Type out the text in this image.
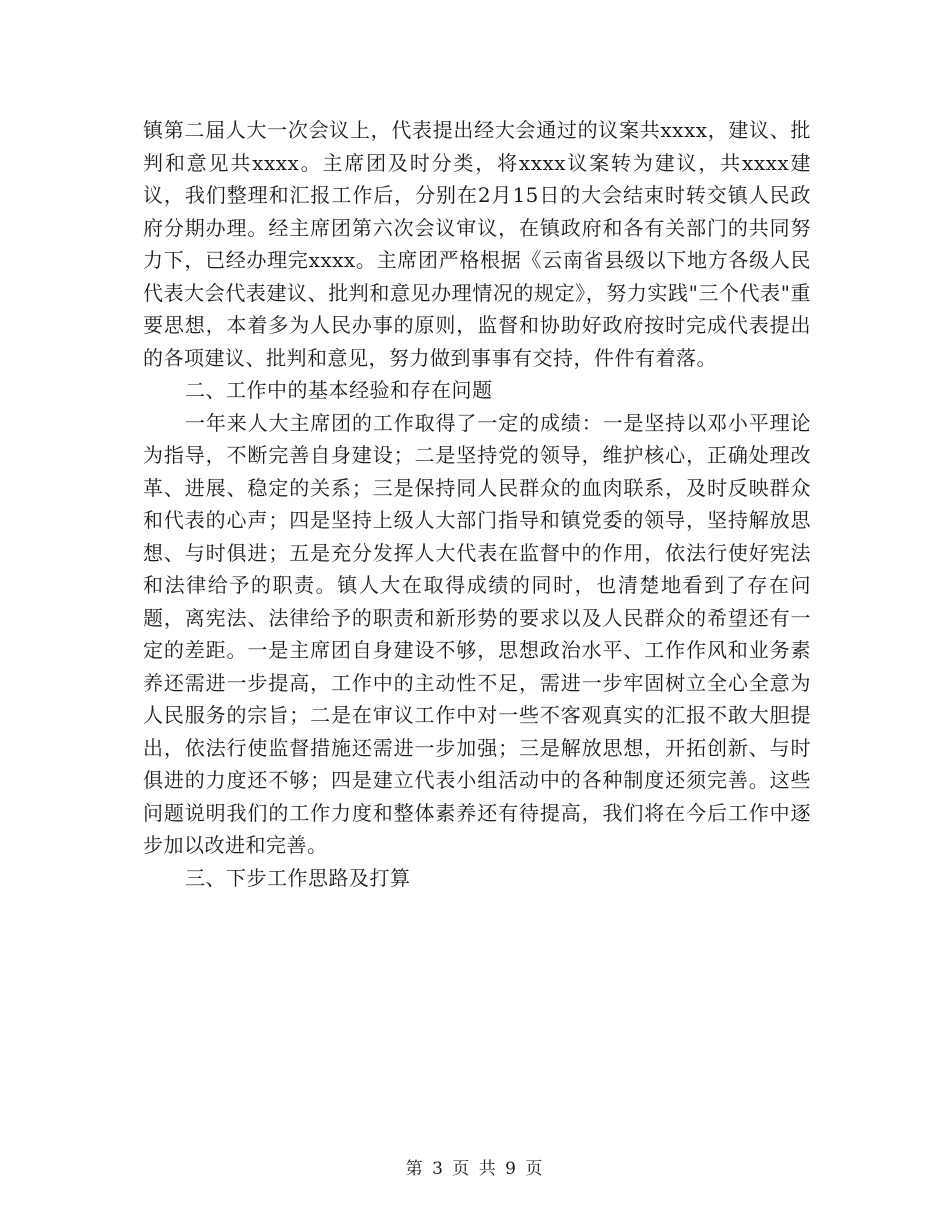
镇第二届人大一次会议上，代表提出经大会通过的议案共xxxx，建议、批判和意见共xxxx。主席团及时分类，将xxxx议案转为建议，共xxxx建议，我们整理和汇报工作后，分别在2月15日的大会结束时转交镇人民政府分期办理。经主席团第六次会议审议，在镇政府和各有关部门的共同努力下，已经办理完xxxx。主席团严格根据《云南省县级以下地方各级人民代表大会代表建议、批判和意见办理情况的规定》，努力实践"三个代表"重要思想，本着多为人民办事的原则，监督和协助好政府按时完成代表提出的各项建议、批判和意见，努力做到事事有交持，件件有着落。

二、工作中的基本经验和存在问题

一年来人大主席团的工作取得了一定的成绩：一是坚持以邓小平理论为指导，不断完善自身建设；二是坚持党的领导，维护核心，正确处理改革、进展、稳定的关系；三是保持同人民群众的血肉联系，及时反映群众和代表的心声；四是坚持上级人大部门指导和镇党委的领导，坚持解放思想、与时俱进；五是充分发挥人大代表在监督中的作用，依法行使好宪法和法律给予的职责。镇人大在取得成绩的同时，也清楚地看到了存在问题，离宪法、法律给予的职责和新形势的要求以及人民群众的希望还有一定的差距。一是主席团自身建设不够，思想政治水平、工作作风和业务素养还需进一步提高，工作中的主动性不足，需进一步牢固树立全心全意为人民服务的宗旨；二是在审议工作中对一些不客观真实的汇报不敢大胆提出，依法行使监督措施还需进一步加强；三是解放思想，开拓创新、与时俱进的力度还不够；四是建立代表小组活动中的各种制度还须完善。这些问题说明我们的工作力度和整体素养还有待提高，我们将在今后工作中逐步加以改进和完善。

三、下步工作思路及打算

第 3 页 共 9 页
